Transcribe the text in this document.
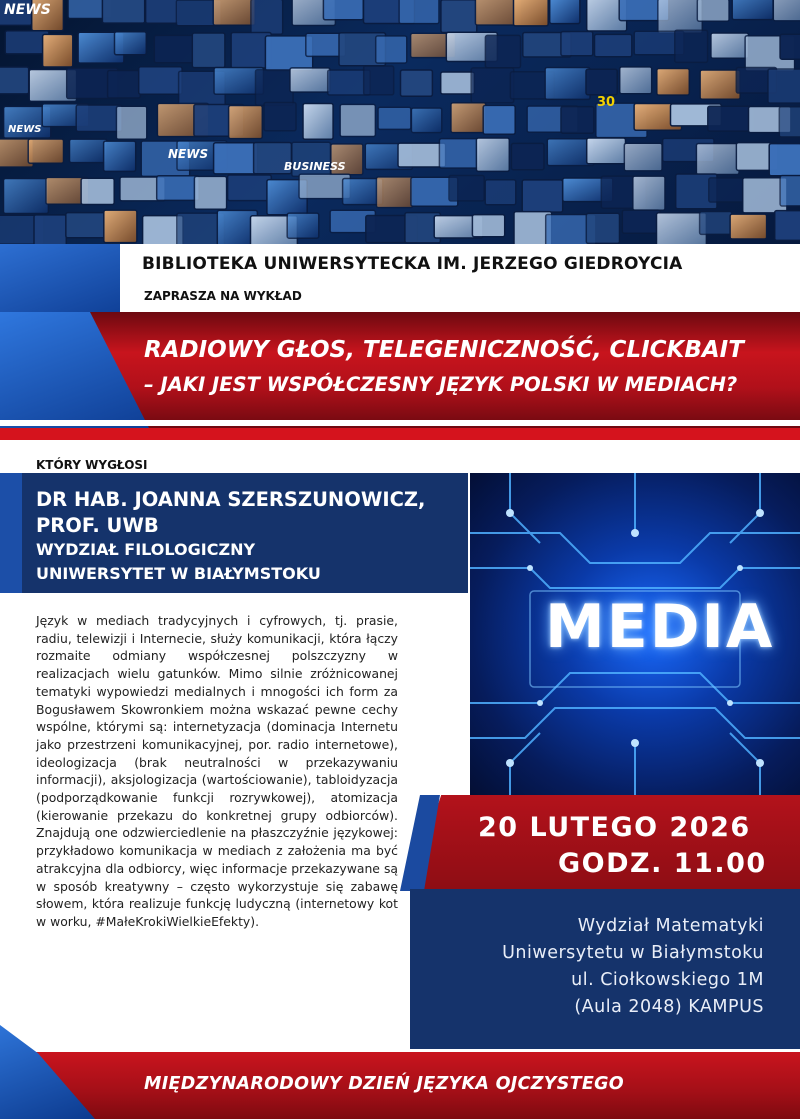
NEWS
NEWS
BUSINESS
NEWS
30
BIBLIOTEKA UNIWERSYTECKA IM. JERZEGO GIEDROYCIA
ZAPRASZA NA WYKŁAD
RADIOWY GŁOS, TELEGENICZNOŚĆ, CLICKBAIT
– JAKI JEST WSPÓŁCZESNY JĘZYK POLSKI W MEDIACH?
KTÓRY WYGŁOSI
DR HAB. JOANNA SZERSZUNOWICZ,
PROF. UWB
WYDZIAŁ FILOLOGICZNY
UNIWERSYTET W BIAŁYMSTOKU
MEDIA
Język w mediach tradycyjnych i cyfrowych, tj. prasie, radiu, telewizji i Internecie, służy komunikacji, która łączy rozmaite odmiany współczesnej polszczyzny w realizacjach wielu gatunków. Mimo silnie zróżnicowanej tematyki wypowiedzi medialnych i mnogości ich form za Bogusławem Skowronkiem można wskazać pewne cechy wspólne, którymi są: internetyzacja (dominacja Internetu jako przestrzeni komunikacyjnej, por. radio internetowe), ideologizacja (brak neutralności w przekazywaniu informacji), aksjologizacja (wartościowanie), tabloidyzacja (podporządkowanie funkcji rozrywkowej), atomizacja (kierowanie przekazu do konkretnej grupy odbiorców). Znajdują one odzwierciedlenie na płaszczyźnie językowej: przykładowo komunikacja w mediach z założenia ma być atrakcyjna dla odbiorcy, więc informacje przekazywane są w sposób kreatywny – często wykorzystuje się zabawę słowem, która realizuje funkcję ludyczną (internetowy kot w worku, #MałeKrokiWielkieEfekty).
20 LUTEGO 2026
GODZ. 11.00
Wydział Matematyki
Uniwersytetu w Białymstoku
ul. Ciołkowskiego 1M
(Aula 2048) KAMPUS
MIĘDZYNARODOWY DZIEŃ JĘZYKA OJCZYSTEGO
